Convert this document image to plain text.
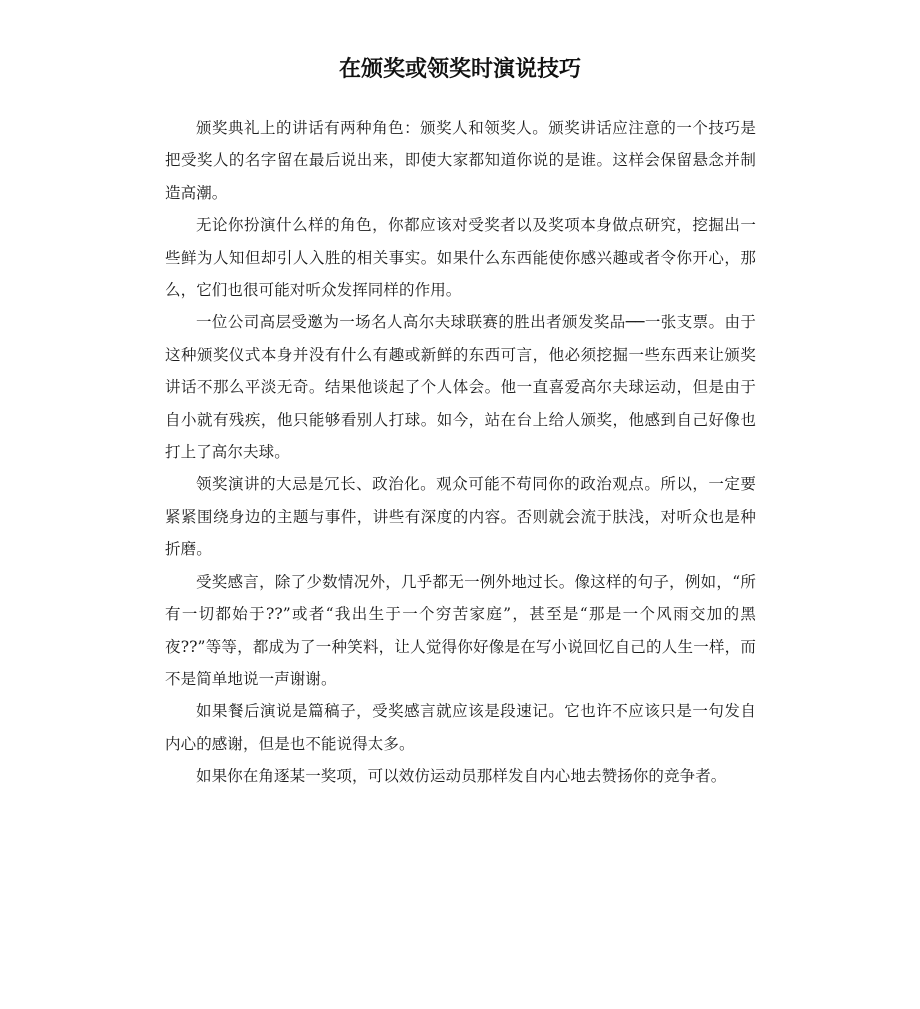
在颁奖或领奖时演说技巧

颁奖典礼上的讲话有两种角色：颁奖人和领奖人。颁奖讲话应注意的一个技巧是把受奖人的名字留在最后说出来，即使大家都知道你说的是谁。这样会保留悬念并制造高潮。

无论你扮演什么样的角色，你都应该对受奖者以及奖项本身做点研究，挖掘出一些鲜为人知但却引人入胜的相关事实。如果什么东西能使你感兴趣或者令你开心，那么，它们也很可能对听众发挥同样的作用。

一位公司高层受邀为一场名人高尔夫球联赛的胜出者颁发奖品──一张支票。由于这种颁奖仪式本身并没有什么有趣或新鲜的东西可言，他必须挖掘一些东西来让颁奖讲话不那么平淡无奇。结果他谈起了个人体会。他一直喜爱高尔夫球运动，但是由于自小就有残疾，他只能够看别人打球。如今，站在台上给人颁奖，他感到自己好像也打上了高尔夫球。

领奖演讲的大忌是冗长、政治化。观众可能不苟同你的政治观点。所以，一定要紧紧围绕身边的主题与事件，讲些有深度的内容。否则就会流于肤浅，对听众也是种折磨。

受奖感言，除了少数情况外，几乎都无一例外地过长。像这样的句子，例如，“所有一切都始于??”或者“我出生于一个穷苦家庭”，甚至是“那是一个风雨交加的黑夜??”等等，都成为了一种笑料，让人觉得你好像是在写小说回忆自己的人生一样，而不是简单地说一声谢谢。

如果餐后演说是篇稿子，受奖感言就应该是段速记。它也许不应该只是一句发自内心的感谢，但是也不能说得太多。

如果你在角逐某一奖项，可以效仿运动员那样发自内心地去赞扬你的竞争者。
